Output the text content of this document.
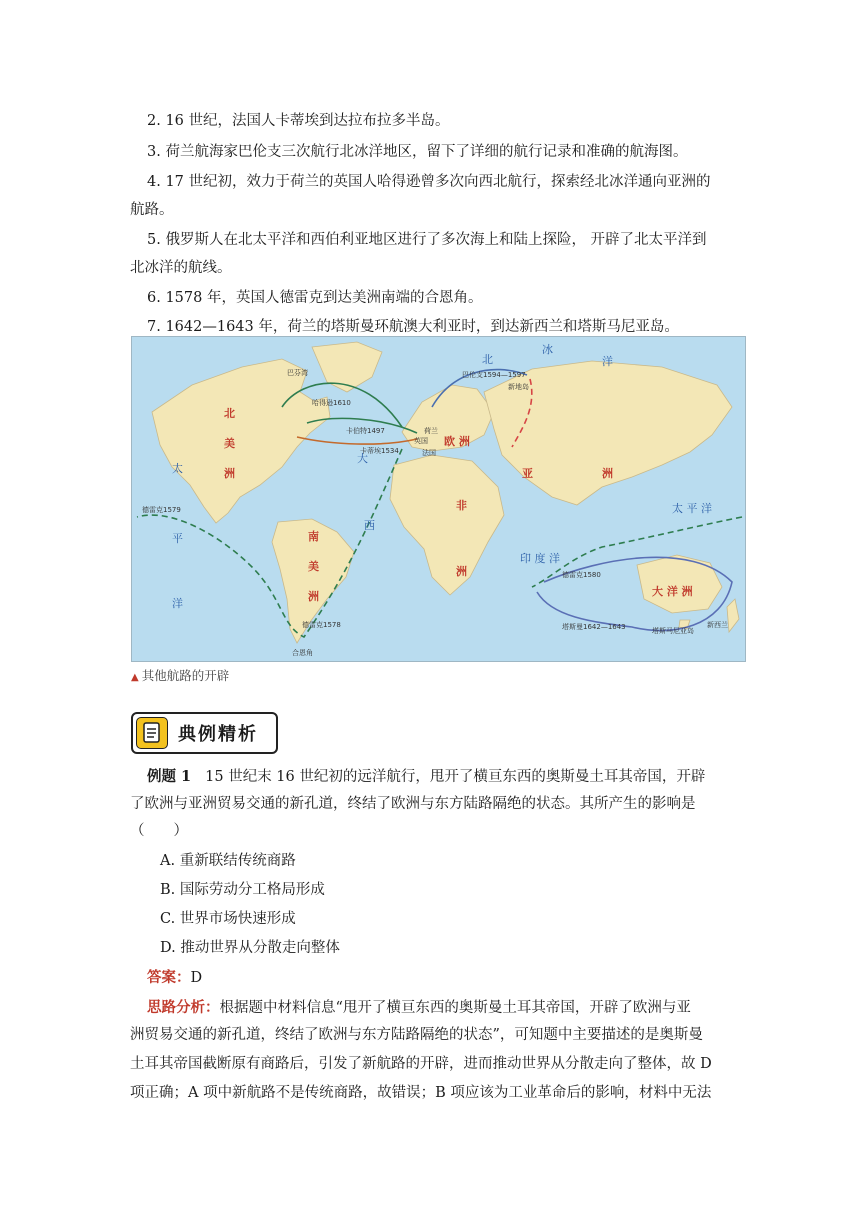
2. 16 世纪，法国人卡蒂埃到达拉布拉多半岛。
3. 荷兰航海家巴伦支三次航行北冰洋地区，留下了详细的航行记录和准确的航海图。
4. 17 世纪初，效力于荷兰的英国人哈得逊曾多次向西北航行，探索经北冰洋通向亚洲的
航路。
5. 俄罗斯人在北太平洋和西伯利亚地区进行了多次海上和陆上探险， 开辟了北太平洋到
北冰洋的航线。
6. 1578 年，英国人德雷克到达美洲南端的合恩角。
7. 1642—1643 年，荷兰的塔斯曼环航澳大利亚时，到达新西兰和塔斯马尼亚岛。
北
美
洲
南
美
洲
欧 洲
非
洲
亚	洲
大 洋 洲
北
冰
洋
太
平
洋
太 平 洋
大
西
印 度 洋
巴芬湾
哈得逊1610
卡伯特1497
卡蒂埃1534
巴伦支1594—1597
新地岛
德雷克1579
德雷克1578
德雷克1580
塔斯曼1642—1643	塔斯马尼亚岛
新西兰
合恩角
荷兰
英国
法国
▲ 其他航路的开辟
典例精析
例题 1 15 世纪末 16 世纪初的远洋航行，甩开了横亘东西的奥斯曼土耳其帝国，开辟
了欧洲与亚洲贸易交通的新孔道，终结了欧洲与东方陆路隔绝的状态。其所产生的影响是
（　　）
A. 重新联结传统商路
B. 国际劳动分工格局形成
C. 世界市场快速形成
D. 推动世界从分散走向整体
答案：D
思路分析：根据题中材料信息“甩开了横亘东西的奥斯曼土耳其帝国，开辟了欧洲与亚
洲贸易交通的新孔道，终结了欧洲与东方陆路隔绝的状态”，可知题中主要描述的是奥斯曼
土耳其帝国截断原有商路后，引发了新航路的开辟，进而推动世界从分散走向了整体，故 D
项正确；A 项中新航路不是传统商路，故错误；B 项应该为工业革命后的影响，材料中无法
